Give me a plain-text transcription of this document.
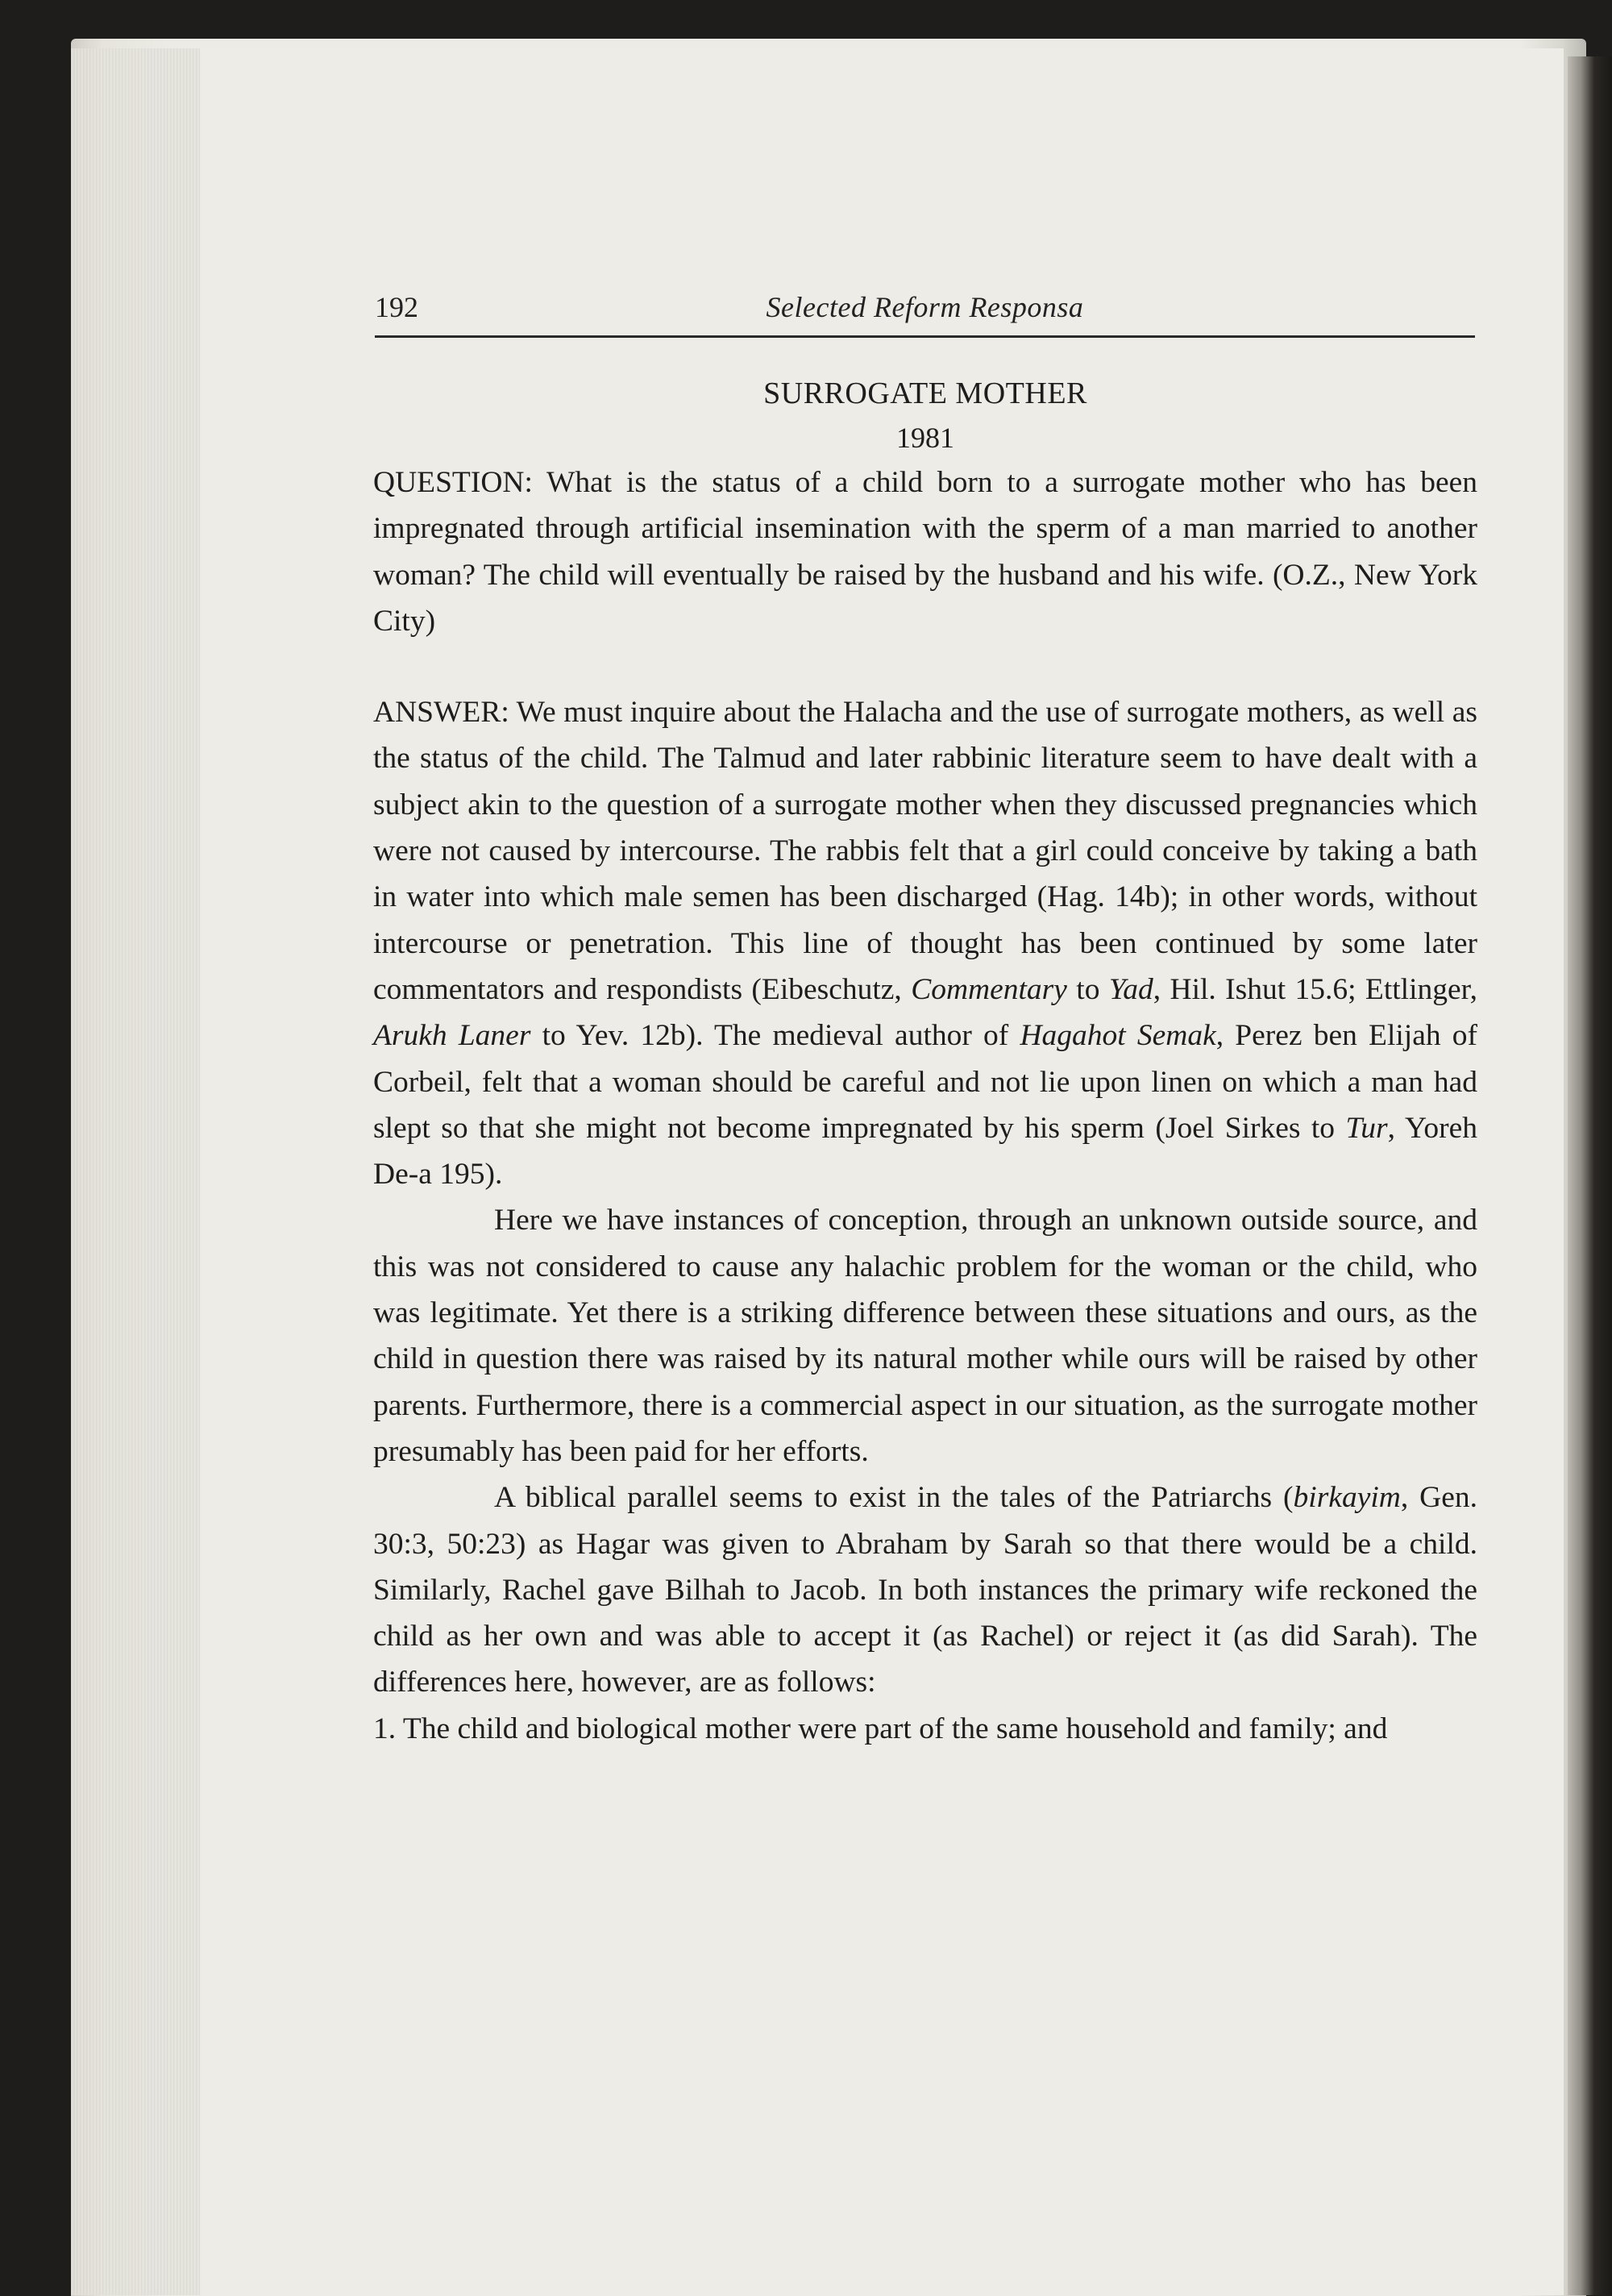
192	Selected Reform Responsa
SURROGATE MOTHER
1981

QUESTION: What is the status of a child born to a surrogate mother who has been impregnated through artificial insemination with the sperm of a man married to another woman? The child will eventually be raised by the husband and his wife. (O.Z., New York City)

ANSWER: We must inquire about the Halacha and the use of surrogate mothers, as well as the status of the child. The Talmud and later rabbinic literature seem to have dealt with a subject akin to the question of a surrogate mother when they discussed pregnancies which were not caused by intercourse. The rabbis felt that a girl could conceive by taking a bath in water into which male semen has been discharged (Hag. 14b); in other words, without intercourse or penetration. This line of thought has been continued by some later commentators and respondists (Eibeschutz, Commentary to Yad, Hil. Ishut 15.6; Ettlinger, Arukh Laner to Yev. 12b). The medieval author of Hagahot Semak, Perez ben Elijah of Corbeil, felt that a woman should be careful and not lie upon linen on which a man had slept so that she might not become impregnated by his sperm (Joel Sirkes to Tur, Yoreh De-a 195).

Here we have instances of conception, through an unknown outside source, and this was not considered to cause any halachic problem for the woman or the child, who was legitimate. Yet there is a striking difference between these situations and ours, as the child in question there was raised by its natural mother while ours will be raised by other parents. Furthermore, there is a commercial aspect in our situation, as the surrogate mother presumably has been paid for her efforts.

A biblical parallel seems to exist in the tales of the Patriarchs (birkayim, Gen. 30:3, 50:23) as Hagar was given to Abraham by Sarah so that there would be a child. Similarly, Rachel gave Bilhah to Jacob. In both instances the primary wife reckoned the child as her own and was able to accept it (as Rachel) or reject it (as did Sarah). The differences here, however, are as follows:

1. The child and biological mother were part of the same household and family; and
